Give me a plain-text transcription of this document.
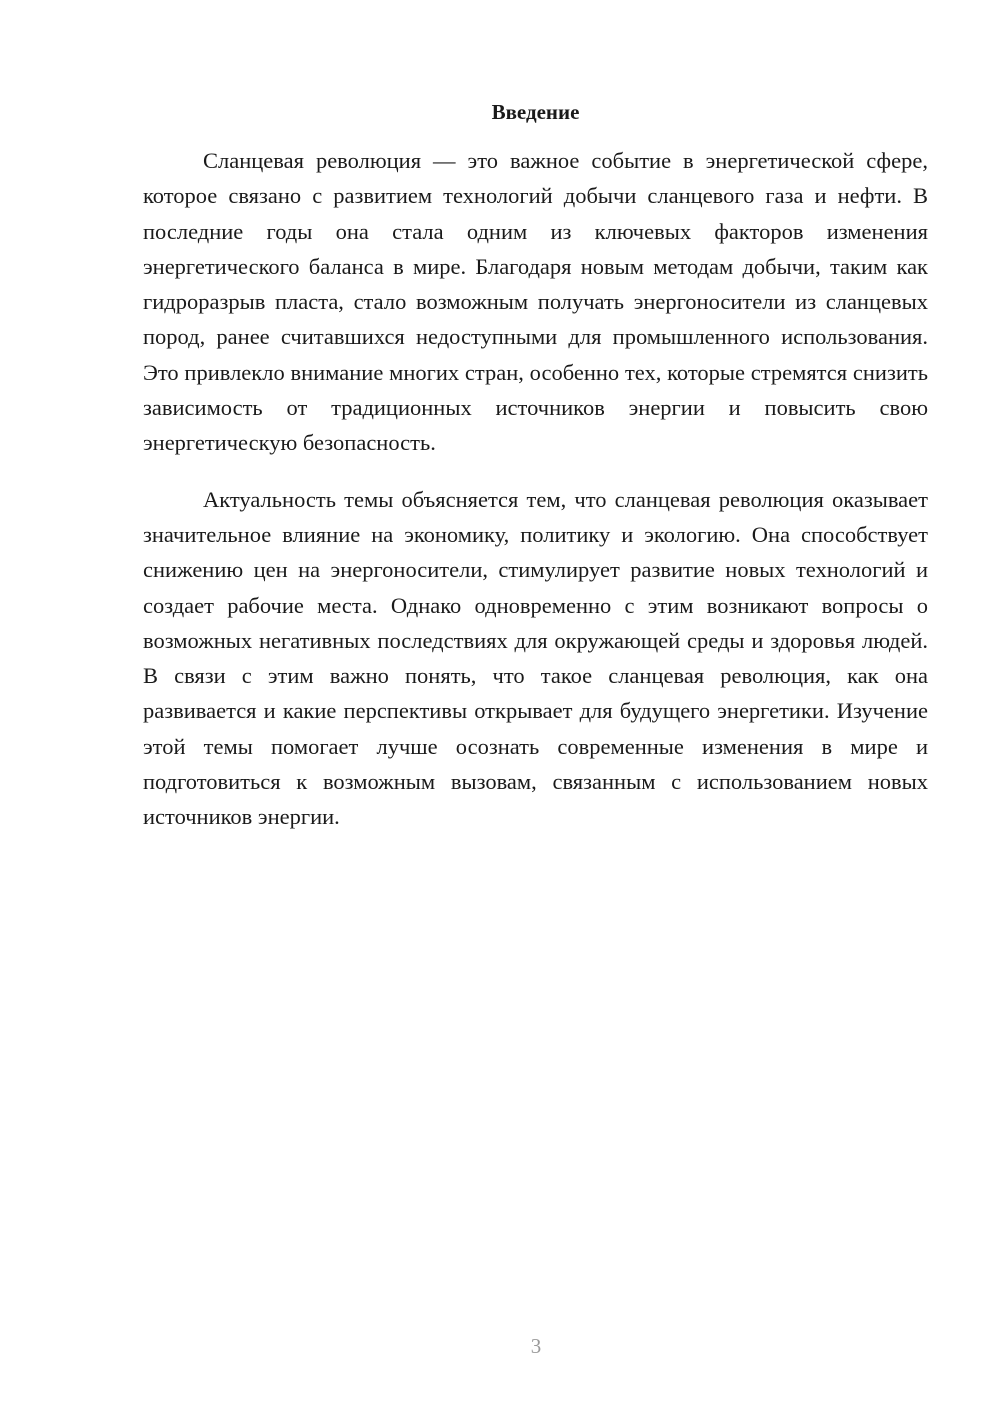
Введение

Сланцевая революция — это важное событие в энергетической сфере, которое связано с развитием технологий добычи сланцевого газа и нефти. В последние годы она стала одним из ключевых факторов изменения энергетического баланса в мире. Благодаря новым методам добычи, таким как гидроразрыв пласта, стало возможным получать энергоносители из сланцевых пород, ранее считавшихся недоступными для промышленного использования. Это привлекло внимание многих стран, особенно тех, которые стремятся снизить зависимость от традиционных источников энергии и повысить свою энергетическую безопасность.

Актуальность темы объясняется тем, что сланцевая революция оказывает значительное влияние на экономику, политику и экологию. Она способствует снижению цен на энергоносители, стимулирует развитие новых технологий и создает рабочие места. Однако одновременно с этим возникают вопросы о возможных негативных последствиях для окружающей среды и здоровья людей. В связи с этим важно понять, что такое сланцевая революция, как она развивается и какие перспективы открывает для будущего энергетики. Изучение этой темы помогает лучше осознать современные изменения в мире и подготовиться к возможным вызовам, связанным с использованием новых источников энергии.

3
